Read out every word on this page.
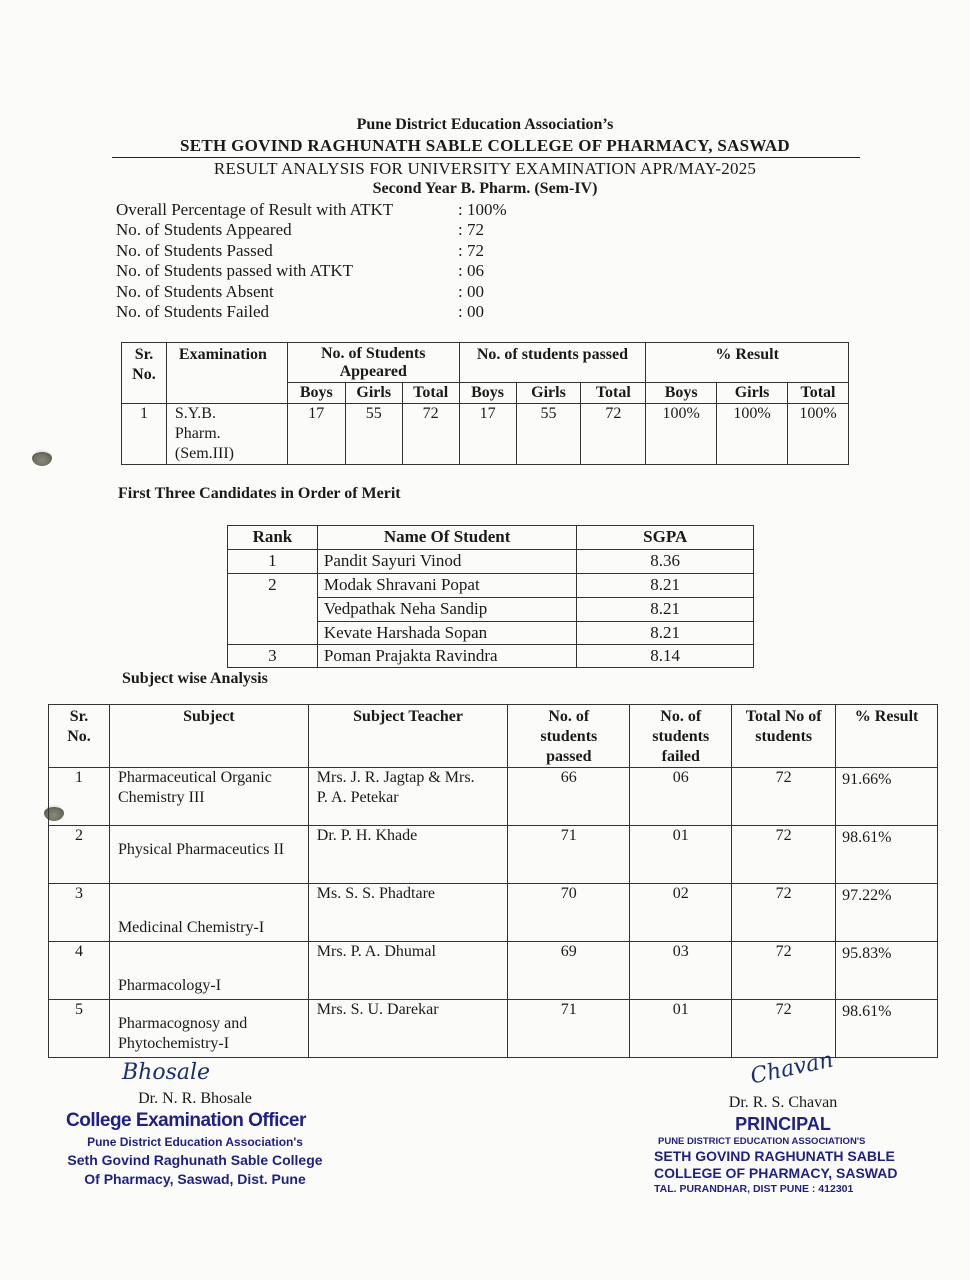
Pune District Education Association’s
SETH GOVIND RAGHUNATH SABLE COLLEGE OF PHARMACY, SASWAD
RESULT ANALYSIS FOR UNIVERSITY EXAMINATION APR/MAY-2025
Second Year B. Pharm. (Sem-IV)
Overall Percentage of Result with ATKT	: 100%
No. of Students Appeared	: 72
No. of Students Passed	: 72
No. of Students passed with ATKT	: 06
No. of Students Absent	: 00
No. of Students Failed	: 00
Sr. No.	Examination	No. of Students Appeared			No. of students passed			% Result		
		Boys	Girls	Total	Boys	Girls	Total	Boys	Girls	Total
1	S.Y.B. Pharm. (Sem.III)	17	55	72	17	55	72	100%	100%	100%
First Three Candidates in Order of Merit
Rank	Name Of Student	SGPA
1	Pandit Sayuri Vinod	8.36
2	Modak Shravani Popat	8.21
	Vedpathak Neha Sandip	8.21
	Kevate Harshada Sopan	8.21
3	Poman Prajakta Ravindra	8.14
Subject wise Analysis
Sr. No.	Subject	Subject Teacher	No. of students passed	No. of students failed	Total No of students	% Result
1	Pharmaceutical Organic Chemistry III	Mrs. J. R. Jagtap & Mrs. P. A. Petekar	66	06	72	91.66%
2	Physical Pharmaceutics II	Dr. P. H. Khade	71	01	72	98.61%
3	Medicinal Chemistry-I	Ms. S. S. Phadtare	70	02	72	97.22%
4	Pharmacology-I	Mrs. P. A. Dhumal	69	03	72	95.83%
5	Pharmacognosy and Phytochemistry-I	Mrs. S. U. Darekar	71	01	72	98.61%
Bhosale
Dr. N. R. Bhosale
College Examination Officer
Pune District Education Association's
Seth Govind Raghunath Sable College
Of Pharmacy, Saswad, Dist. Pune
Chavan
Dr. R. S. Chavan
PRINCIPAL
PUNE DISTRICT EDUCATION ASSOCIATION'S
SETH GOVIND RAGHUNATH SABLE
COLLEGE OF PHARMACY, SASWAD
TAL. PURANDHAR, DIST PUNE : 412301
